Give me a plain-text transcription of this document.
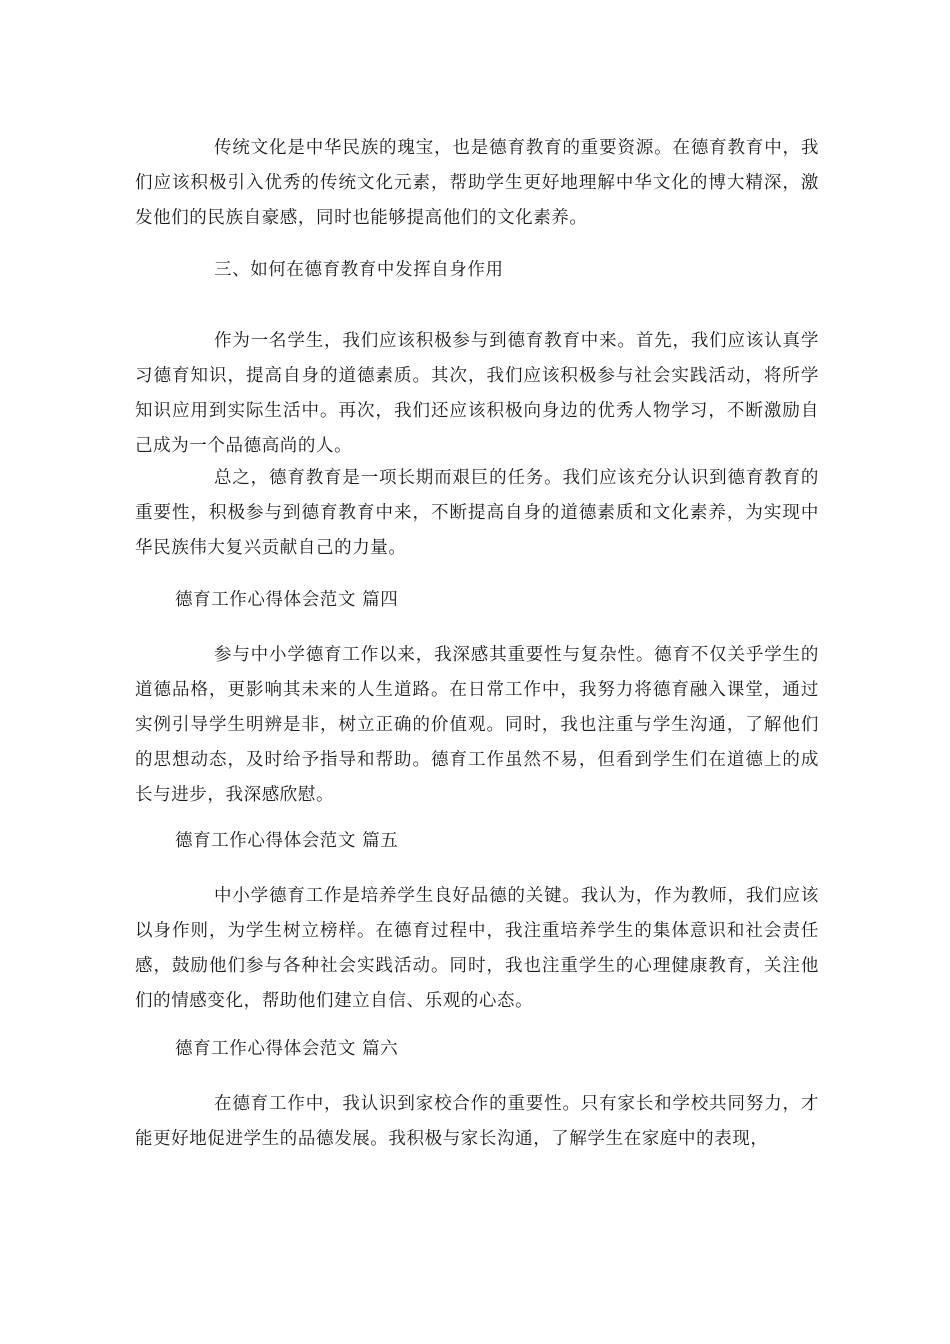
传统文化是中华民族的瑰宝，也是德育教育的重要资源。在德育教育中，我们应该积极引入优秀的传统文化元素，帮助学生更好地理解中华文化的博大精深，激发他们的民族自豪感，同时也能够提高他们的文化素养。

三、如何在德育教育中发挥自身作用

作为一名学生，我们应该积极参与到德育教育中来。首先，我们应该认真学习德育知识，提高自身的道德素质。其次，我们应该积极参与社会实践活动，将所学知识应用到实际生活中。再次，我们还应该积极向身边的优秀人物学习，不断激励自己成为一个品德高尚的人。

总之，德育教育是一项长期而艰巨的任务。我们应该充分认识到德育教育的重要性，积极参与到德育教育中来，不断提高自身的道德素质和文化素养，为实现中华民族伟大复兴贡献自己的力量。

德育工作心得体会范文 篇四

参与中小学德育工作以来，我深感其重要性与复杂性。德育不仅关乎学生的道德品格，更影响其未来的人生道路。在日常工作中，我努力将德育融入课堂，通过实例引导学生明辨是非，树立正确的价值观。同时，我也注重与学生沟通，了解他们的思想动态，及时给予指导和帮助。德育工作虽然不易，但看到学生们在道德上的成长与进步，我深感欣慰。

德育工作心得体会范文 篇五

中小学德育工作是培养学生良好品德的关键。我认为，作为教师，我们应该以身作则，为学生树立榜样。在德育过程中，我注重培养学生的集体意识和社会责任感，鼓励他们参与各种社会实践活动。同时，我也注重学生的心理健康教育，关注他们的情感变化，帮助他们建立自信、乐观的心态。

德育工作心得体会范文 篇六

在德育工作中，我认识到家校合作的重要性。只有家长和学校共同努力，才能更好地促进学生的品德发展。我积极与家长沟通，了解学生在家庭中的表现，
